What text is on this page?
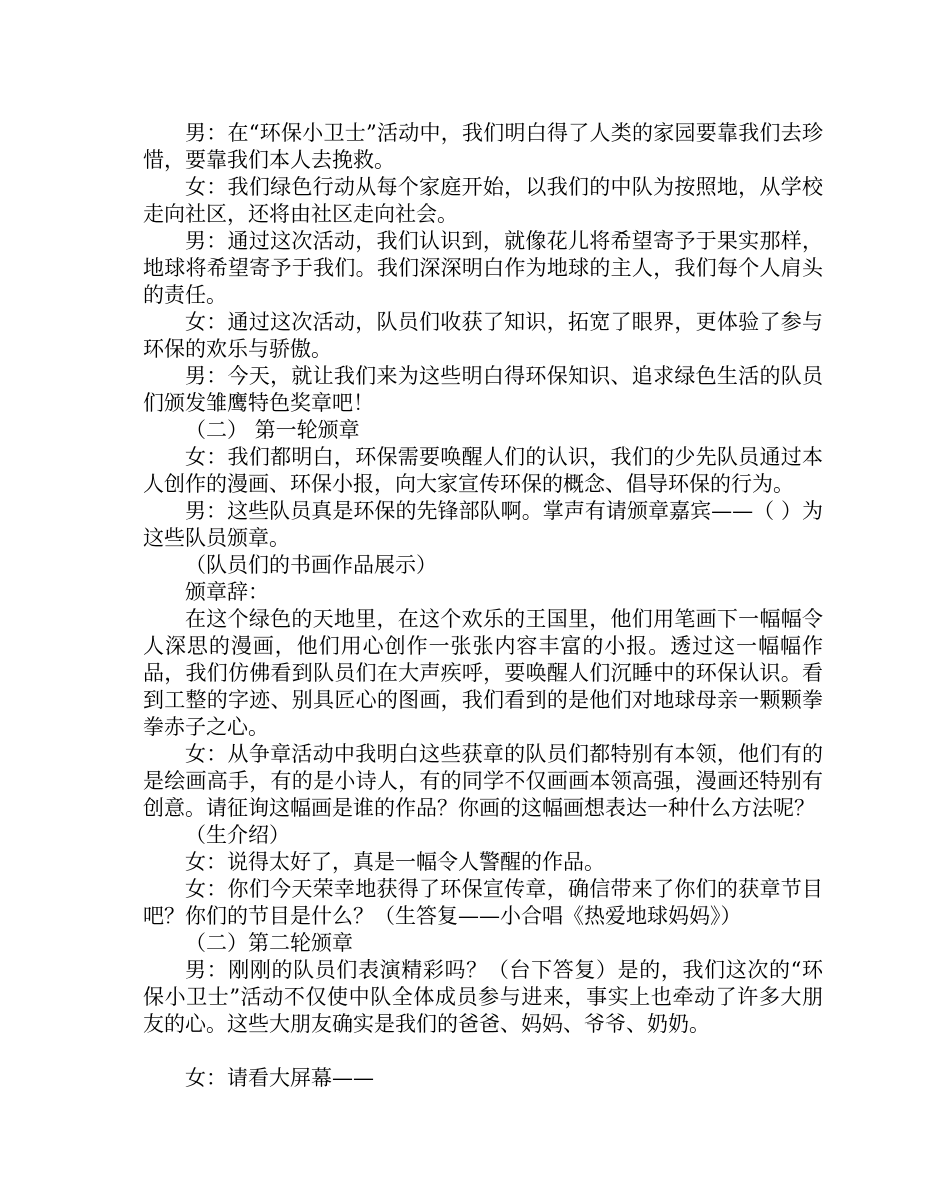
男：在“环保小卫士”活动中，我们明白得了人类的家园要靠我们去珍惜，要靠我们本人去挽救。

女：我们绿色行动从每个家庭开始，以我们的中队为按照地，从学校走向社区，还将由社区走向社会。

男：通过这次活动，我们认识到，就像花儿将希望寄予于果实那样，地球将希望寄予于我们。我们深深明白作为地球的主人，我们每个人肩头的责任。

女：通过这次活动，队员们收获了知识，拓宽了眼界，更体验了参与环保的欢乐与骄傲。

男：今天，就让我们来为这些明白得环保知识、追求绿色生活的队员们颁发雏鹰特色奖章吧！

（二） 第一轮颁章

女：我们都明白，环保需要唤醒人们的认识，我们的少先队员通过本人创作的漫画、环保小报，向大家宣传环保的概念、倡导环保的行为。

男：这些队员真是环保的先锋部队啊。掌声有请颁章嘉宾——（ ）为这些队员颁章。

（队员们的书画作品展示）

颁章辞：

在这个绿色的天地里，在这个欢乐的王国里，他们用笔画下一幅幅令人深思的漫画，他们用心创作一张张内容丰富的小报。透过这一幅幅作品，我们仿佛看到队员们在大声疾呼，要唤醒人们沉睡中的环保认识。看到工整的字迹、别具匠心的图画，我们看到的是他们对地球母亲一颗颗拳拳赤子之心。

女：从争章活动中我明白这些获章的队员们都特别有本领，他们有的是绘画高手，有的是小诗人，有的同学不仅画画本领高强，漫画还特别有创意。请征询这幅画是谁的作品？你画的这幅画想表达一种什么方法呢？

（生介绍）

女：说得太好了，真是一幅令人警醒的作品。

女：你们今天荣幸地获得了环保宣传章，确信带来了你们的获章节目吧？你们的节目是什么？（生答复——小合唱《热爱地球妈妈》）

（二）第二轮颁章

男：刚刚的队员们表演精彩吗？（台下答复）是的，我们这次的“环保小卫士”活动不仅使中队全体成员参与进来，事实上也牵动了许多大朋友的心。这些大朋友确实是我们的爸爸、妈妈、爷爷、奶奶。

女：请看大屏幕——
